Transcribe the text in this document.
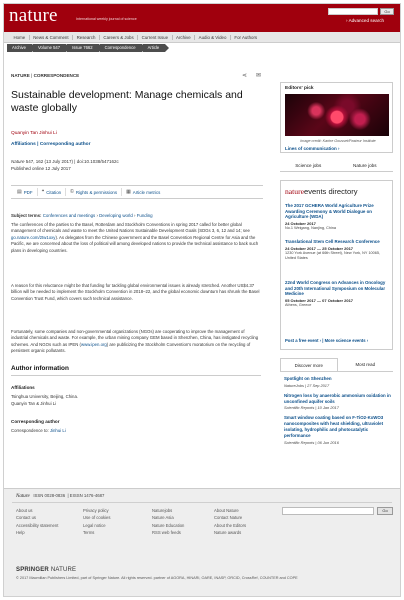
nature	International weekly journal of science
Go
› Advanced search
Home	News & Comment	Research	Careers & Jobs	Current Issue	Archive	Audio & Video	For Authors
Archive	Volume 547	Issue 7662	Correspondence	Article
NATURE | CORRESPONDENCE	⋖ ✉
Sustainable development: Manage chemicals and waste globally
Quanyin Tan Jinhui Li
Affiliations | Corresponding author
Nature 547, 162 (13 July 2017) | doi:10.1038/547162c
Published online 12 July 2017
▤ PDF ❝ Citation © Rights & permissions ▦ Article metrics
Subject terms: Conferences and meetings › Developing world › Funding

The conferences of the parties to the Basel, Rotterdam and Stockholm Conventions in spring 2017 called for better global management of chemicals and waste to meet the United Nations Sustainable Development Goals (SDGs 3, 6, 12 and 14; see go.nature.com/2tw1oxy). As delegates from the Chinese government and the Basel Convention Regional Centre for Asia and the Pacific, we are concerned about the loss of political will among developed nations to provide the technical assistance to back such plans in developing countries.

A reason for this reluctance might be that funding for tackling global environmental issues is already stretched. Another US$4.37 billion will be needed to implement the Stockholm Convention in 2018–22, and the global economic downturn has shrunk the Basel Convention Trust Fund, which covers such technical assistance.

Fortunately, some companies and non-governmental organizations (NGOs) are cooperating to improve the management of industrial chemicals and waste. For example, the urban mining company GEM based in Shenzhen, China, has instigated recycling schemes. And NGOs such as IPEN (www.ipen.org) are publicizing the Stockholm Convention's moratorium on the recycling of persistent organic pollutants.

Author information
Affiliations
Tsinghua University, Beijing, China.
Quanyin Tan & Jinhui Li
Corresponding author
Correspondence to: Jinhui Li
Editors' pick
Image credit: Karine Gousset/Pasteur Institute
Lines of communication ›
Science jobs	Nature jobs
natureevents directory
The 2017 GCHERA World Agriculture Prize Awarding Ceremony & World Dialogue on Agriculture (WDA)
24 October 2017
No.1 Weigang, Nanjing, China
Translational Stem Cell Research Conference
24 October 2017 — 25 October 2017
1230 York Avenue (at 66th Street), New York, NY 10065, United States
22nd World Congress on Advances in Oncology and 20th International Symposium on Molecular Medicine
05 October 2017 — 07 October 2017
Athens, Greece
Post a free event › | More science events ›
Discover more	Most read
Spotlight on Shenzhen
NatureJobs | 27 Sep 2017
Nitrogen loss by anaerobic ammonium oxidation in unconfined aquifer soils
Scientific Reports | 10 Jan 2017
Smart window coating based on F-TiO2-KxWO3 nanocomposites with heat shielding, ultraviolet isolating, hydrophilic and photocatalytic performance
Scientific Reports | 06 Jun 2016
Nature ISSN 0028-0836  | EISSN 1476-4687
About us
Contact us
Accessibility statement
Help
Privacy policy
Use of cookies
Legal notice
Terms
Naturejobs
Nature Asia
Nature Education
RSS web feeds
About Nature
Contact Nature
About the Editors
Nature awards
Go
SPRINGER NATURE
© 2017 Macmillan Publishers Limited, part of Springer Nature. All rights reserved. partner of AGORA, HINARI, OARE, INASP, ORCID, CrossRef, COUNTER and COPE
